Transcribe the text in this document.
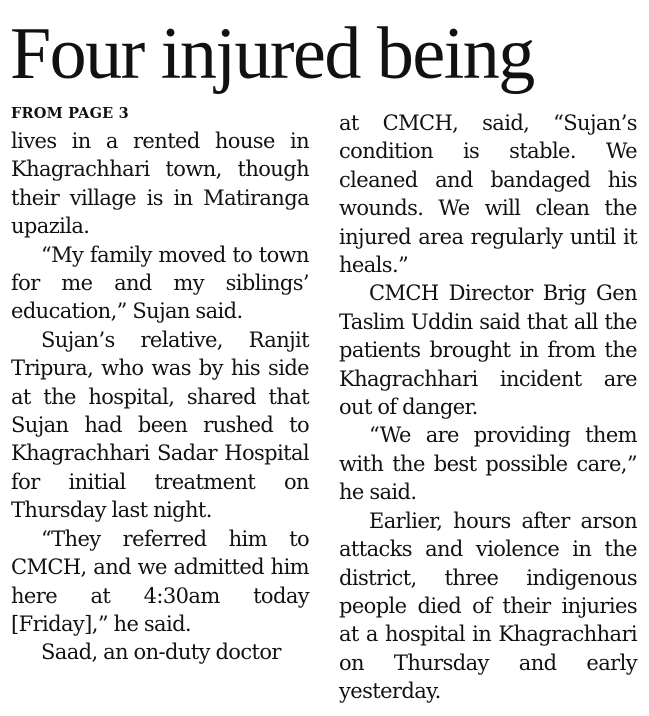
Four injured being
FROM PAGE 3

lives in a rented house in Khagrachhari town, though their village is in Matiranga upazila.

“My family moved to town for me and my siblings’ education,” Sujan said.

Sujan’s relative, Ranjit Tripura, who was by his side at the hospital, shared that Sujan had been rushed to Khagrachhari Sadar Hospital for initial treatment on Thursday last night.

“They referred him to CMCH, and we admitted him here at 4:30am today [Friday],” he said.

Saad, an on-duty doctor

at CMCH, said, “Sujan’s condition is stable. We cleaned and bandaged his wounds. We will clean the injured area regularly until it heals.”

CMCH Director Brig Gen Taslim Uddin said that all the patients brought in from the Khagrachhari incident are out of danger.

“We are providing them with the best possible care,” he said.

Earlier, hours after arson attacks and violence in the district, three indigenous people died of their injuries at a hospital in Khagrachhari on Thursday and early yesterday.
